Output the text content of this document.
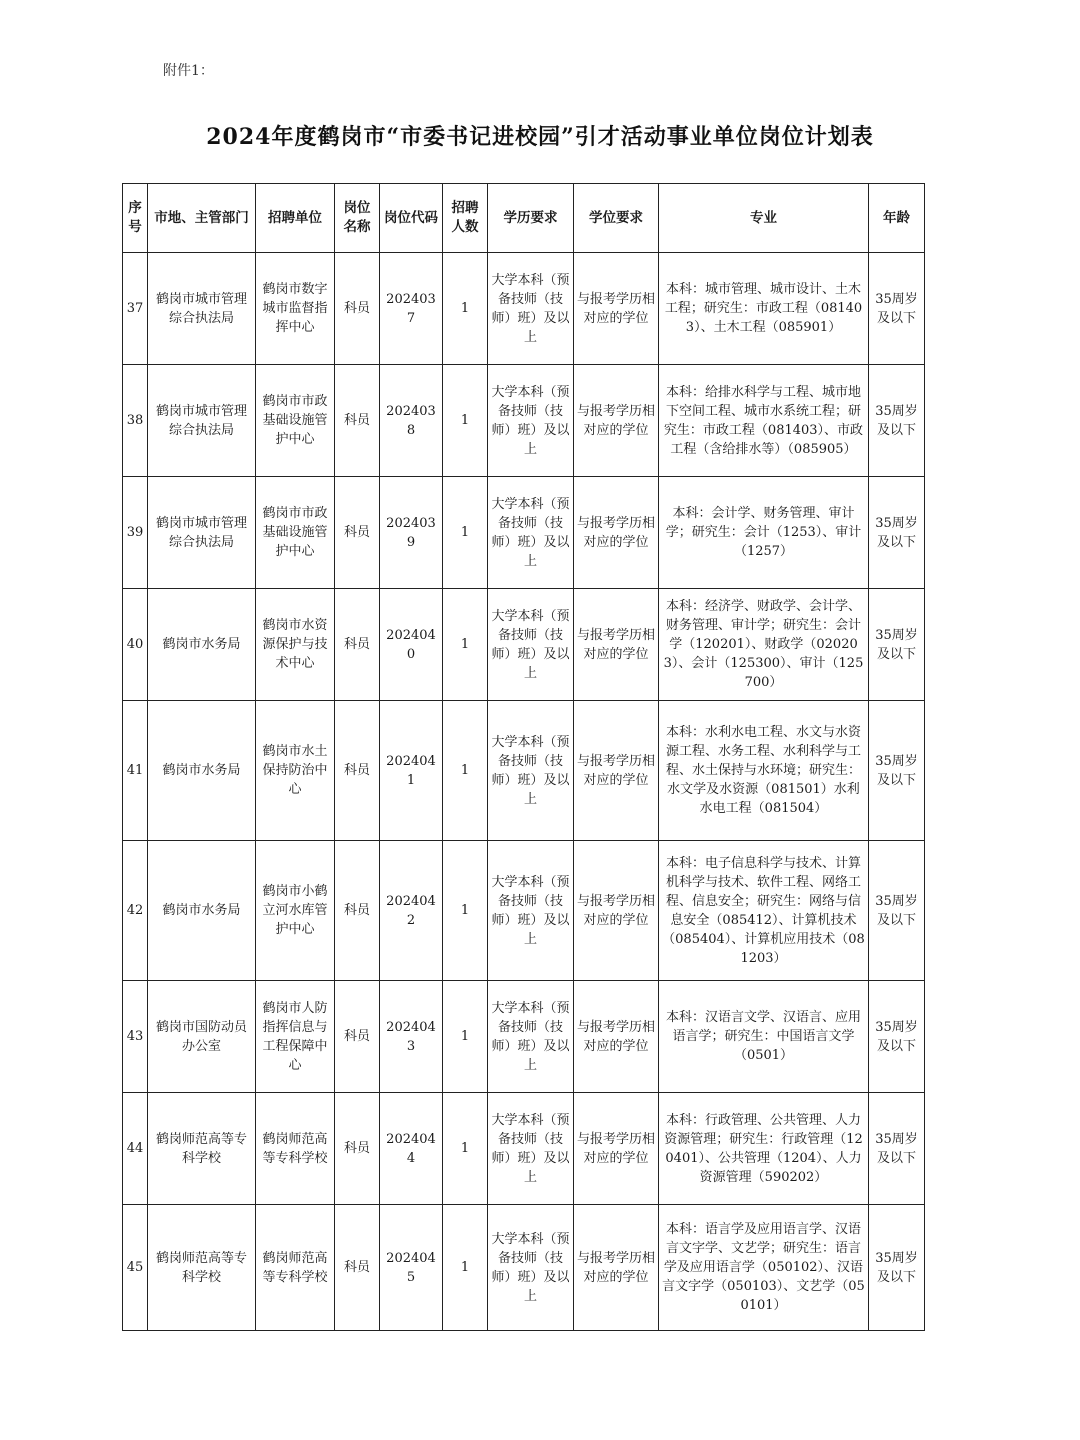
附件1：
2024年度鹤岗市“市委书记进校园”引才活动事业单位岗位计划表
序号	市地、主管部门	招聘单位	岗位名称	岗位代码	招聘人数	学历要求	学位要求	专业	年龄
37	鹤岗市城市管理综合执法局	鹤岗市数字城市监督指挥中心	科员	2024037	1	大学本科（预备技师（技师）班）及以上	与报考学历相对应的学位	本科：城市管理、城市设计、土木工程；研究生：市政工程（081403）、土木工程（085901）	35周岁及以下
38	鹤岗市城市管理综合执法局	鹤岗市市政基础设施管护中心	科员	2024038	1	大学本科（预备技师（技师）班）及以上	与报考学历相对应的学位	本科：给排水科学与工程、城市地下空间工程、城市水系统工程；研究生：市政工程（081403）、市政工程（含给排水等）（085905）	35周岁及以下
39	鹤岗市城市管理综合执法局	鹤岗市市政基础设施管护中心	科员	2024039	1	大学本科（预备技师（技师）班）及以上	与报考学历相对应的学位	本科：会计学、财务管理、审计学；研究生：会计（1253）、审计（1257）	35周岁及以下
40	鹤岗市水务局	鹤岗市水资源保护与技术中心	科员	2024040	1	大学本科（预备技师（技师）班）及以上	与报考学历相对应的学位	本科：经济学、财政学、会计学、财务管理、审计学；研究生：会计学（120201）、财政学（020203）、会计（125300）、审计（125700）	35周岁及以下
41	鹤岗市水务局	鹤岗市水土保持防治中心	科员	2024041	1	大学本科（预备技师（技师）班）及以上	与报考学历相对应的学位	本科：水利水电工程、水文与水资源工程、水务工程、水利科学与工程、水土保持与水环境；研究生：水文学及水资源（081501）水利水电工程（081504）	35周岁及以下
42	鹤岗市水务局	鹤岗市小鹤立河水库管护中心	科员	2024042	1	大学本科（预备技师（技师）班）及以上	与报考学历相对应的学位	本科：电子信息科学与技术、计算机科学与技术、软件工程、网络工程、信息安全；研究生：网络与信息安全（085412）、计算机技术（085404）、计算机应用技术（081203）	35周岁及以下
43	鹤岗市国防动员办公室	鹤岗市人防指挥信息与工程保障中心	科员	2024043	1	大学本科（预备技师（技师）班）及以上	与报考学历相对应的学位	本科：汉语言文学、汉语言、应用语言学；研究生：中国语言文学（0501）	35周岁及以下
44	鹤岗师范高等专科学校	鹤岗师范高等专科学校	科员	2024044	1	大学本科（预备技师（技师）班）及以上	与报考学历相对应的学位	本科：行政管理、公共管理、人力资源管理；研究生：行政管理（120401）、公共管理（1204）、人力资源管理（590202）	35周岁及以下
45	鹤岗师范高等专科学校	鹤岗师范高等专科学校	科员	2024045	1	大学本科（预备技师（技师）班）及以上	与报考学历相对应的学位	本科：语言学及应用语言学、汉语言文字学、文艺学；研究生：语言学及应用语言学（050102）、汉语言文字学（050103）、文艺学（050101）	35周岁及以下
